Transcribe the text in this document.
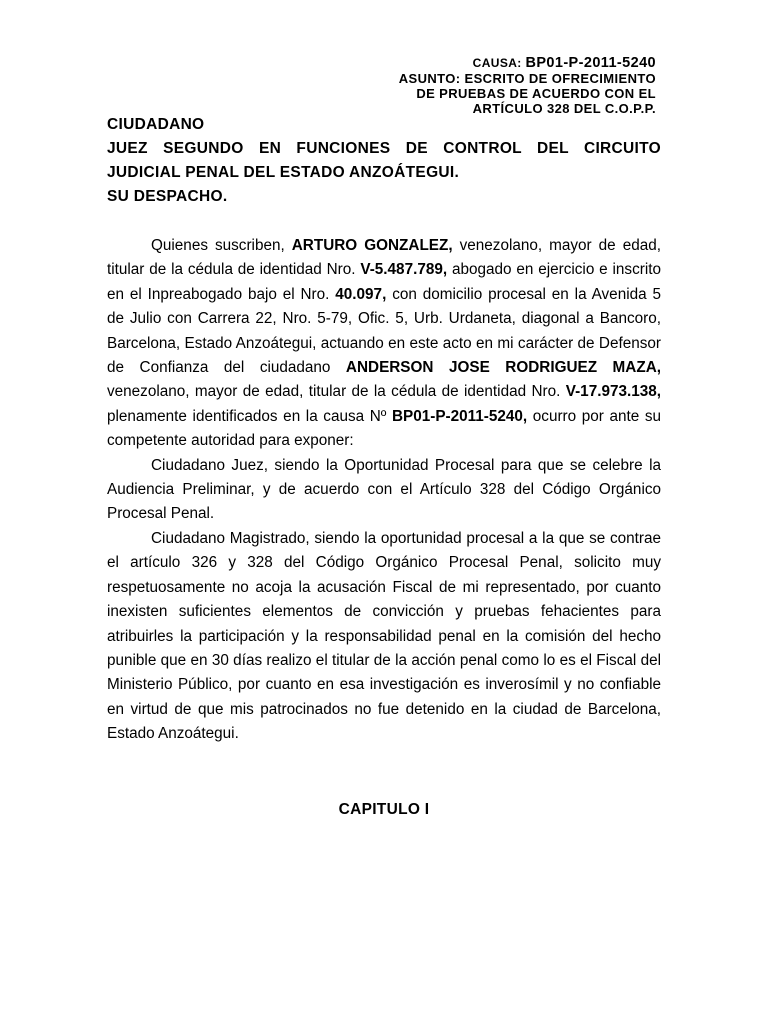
CAUSA: BP01-P-2011-5240
ASUNTO: ESCRITO DE OFRECIMIENTO
DE PRUEBAS DE ACUERDO CON EL
ARTÍCULO 328 DEL C.O.P.P.
CIUDADANO
JUEZ SEGUNDO EN FUNCIONES DE CONTROL DEL CIRCUITO
JUDICIAL PENAL DEL ESTADO ANZOÁTEGUI.
SU DESPACHO.

Quienes suscriben, ARTURO GONZALEZ, venezolano, mayor de edad, titular de la cédula de identidad Nro. V-5.487.789, abogado en ejercicio e inscrito en el Inpreabogado bajo el Nro. 40.097, con domicilio procesal en la Avenida 5 de Julio con Carrera 22, Nro. 5-79, Ofic. 5, Urb. Urdaneta, diagonal a Bancoro, Barcelona, Estado Anzoátegui, actuando en este acto en mi carácter de Defensor de Confianza del ciudadano ANDERSON JOSE RODRIGUEZ MAZA, venezolano, mayor de edad, titular de la cédula de identidad Nro. V-17.973.138, plenamente identificados en la causa Nº BP01-P-2011-5240, ocurro por ante su competente autoridad para exponer:

Ciudadano Juez, siendo la Oportunidad Procesal para que se celebre la Audiencia Preliminar, y de acuerdo con el Artículo 328 del Código Orgánico Procesal Penal.

Ciudadano Magistrado, siendo la oportunidad procesal a la que se contrae el artículo 326 y 328 del Código Orgánico Procesal Penal, solicito muy respetuosamente no acoja la acusación Fiscal de mi representado, por cuanto inexisten suficientes elementos de convicción y pruebas fehacientes para atribuirles la participación y la responsabilidad penal en la comisión del hecho punible que en 30 días realizo el titular de la acción penal como lo es el Fiscal del Ministerio Público, por cuanto en esa investigación es inverosímil y no confiable en virtud de que mis patrocinados no fue detenido en la ciudad de Barcelona, Estado Anzoátegui.

CAPITULO I
